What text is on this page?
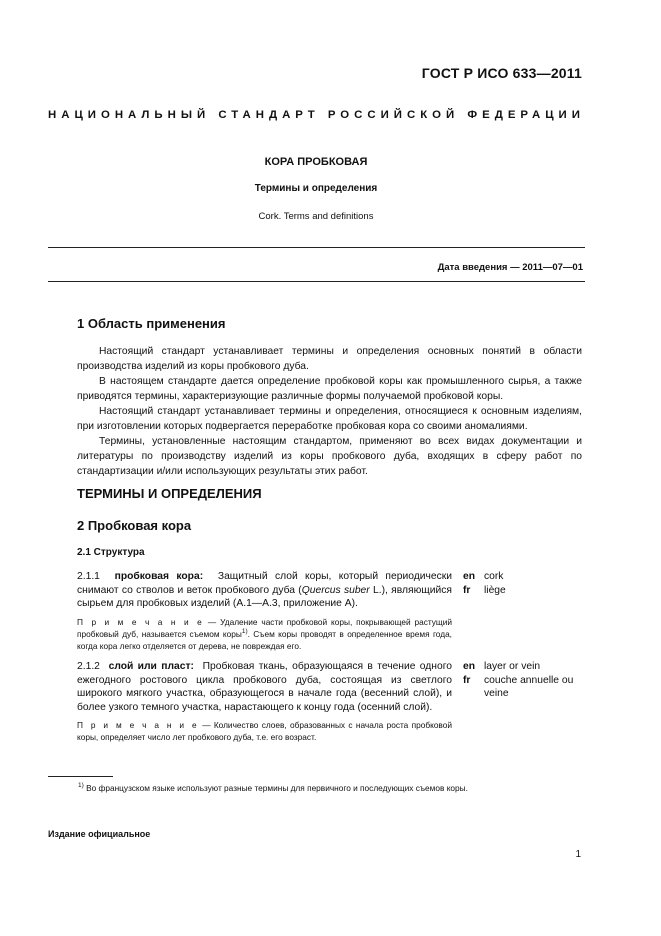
ГОСТ Р ИСО 633—2011
НАЦИОНАЛЬНЫЙ СТАНДАРТ РОССИЙСКОЙ ФЕДЕРАЦИИ
КОРА ПРОБКОВАЯ
Термины и определения
Cork. Terms and definitions
Дата введения — 2011—07—01
1 Область применения
Настоящий стандарт устанавливает термины и определения основных понятий в области производства изделий из коры пробкового дуба.
В настоящем стандарте дается определение пробковой коры как промышленного сырья, а также приводятся термины, характеризующие различные формы получаемой пробковой коры.
Настоящий стандарт устанавливает термины и определения, относящиеся к основным изделиям, при изготовлении которых подвергается переработке пробковая кора со своими аномалиями.
Термины, установленные настоящим стандартом, применяют во всех видах документации и литературы по производству изделий из коры пробкового дуба, входящих в сферу работ по стандартизации и/или использующих результаты этих работ.
ТЕРМИНЫ И ОПРЕДЕЛЕНИЯ
2 Пробковая кора
2.1 Структура
2.1.1 пробковая кора: Защитный слой коры, который периодически снимают со стволов и веток пробкового дуба (Quercus suber L.), являющийся сырьем для пробковых изделий (А.1—А.3, приложение А).
en
fr
cork
liège
П р и м е ч а н и е — Удаление части пробковой коры, покрывающей растущий пробковый дуб, называется съемом коры$^{1)}$. Съем коры проводят в определенное время года, когда кора легко отделяется от дерева, не повреждая его.
2.1.2 слой или пласт: Пробковая ткань, образующаяся в течение одного ежегодного ростового цикла пробкового дуба, состоящая из светлого широкого мягкого участка, образующегося в начале года (весенний слой), и более узкого темного участка, нарастающего к концу года (осенний слой).
en
fr
layer or vein
couche annuelle ou veine
П р и м е ч а н и е — Количество слоев, образованных с начала роста пробковой коры, определяет число лет пробкового дуба, т.е. его возраст.
$^{1)}$ Во французском языке используют разные термины для первичного и последующих съемов коры.
Издание официальное
1
